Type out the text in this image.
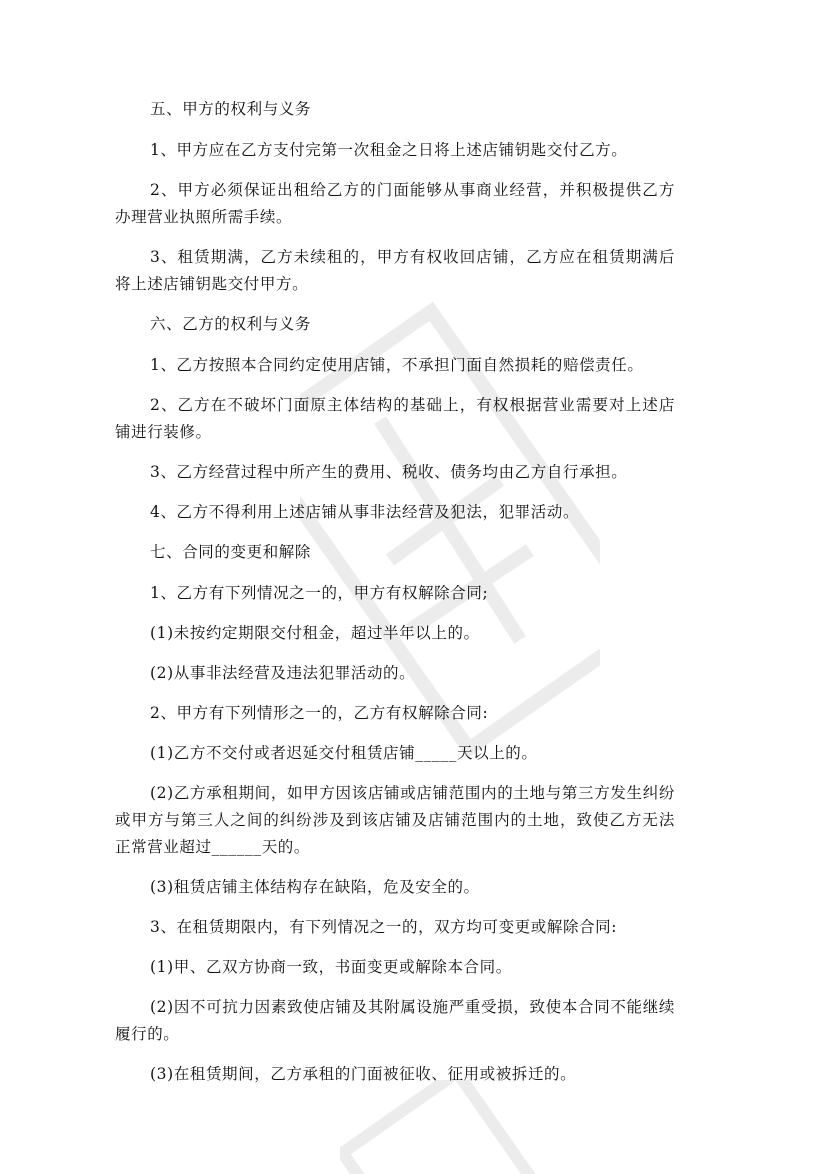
五、甲方的权利与义务

1、甲方应在乙方支付完第一次租金之日将上述店铺钥匙交付乙方。

2、甲方必须保证出租给乙方的门面能够从事商业经营，并积极提供乙方办理营业执照所需手续。

3、租赁期满，乙方未续租的，甲方有权收回店铺，乙方应在租赁期满后将上述店铺钥匙交付甲方。

六、乙方的权利与义务

1、乙方按照本合同约定使用店铺，不承担门面自然损耗的赔偿责任。

2、乙方在不破坏门面原主体结构的基础上，有权根据营业需要对上述店铺进行装修。

3、乙方经营过程中所产生的费用、税收、债务均由乙方自行承担。

4、乙方不得利用上述店铺从事非法经营及犯法，犯罪活动。

七、合同的变更和解除

1、乙方有下列情况之一的，甲方有权解除合同;

(1)未按约定期限交付租金，超过半年以上的。

(2)从事非法经营及违法犯罪活动的。

2、甲方有下列情形之一的，乙方有权解除合同:

(1)乙方不交付或者迟延交付租赁店铺_____天以上的。

(2)乙方承租期间，如甲方因该店铺或店铺范围内的土地与第三方发生纠纷或甲方与第三人之间的纠纷涉及到该店铺及店铺范围内的土地，致使乙方无法正常营业超过______天的。

(3)租赁店铺主体结构存在缺陷，危及安全的。

3、在租赁期限内，有下列情况之一的，双方均可变更或解除合同:

(1)甲、乙双方协商一致，书面变更或解除本合同。

(2)因不可抗力因素致使店铺及其附属设施严重受损，致使本合同不能继续履行的。

(3)在租赁期间，乙方承租的门面被征收、征用或被拆迁的。
